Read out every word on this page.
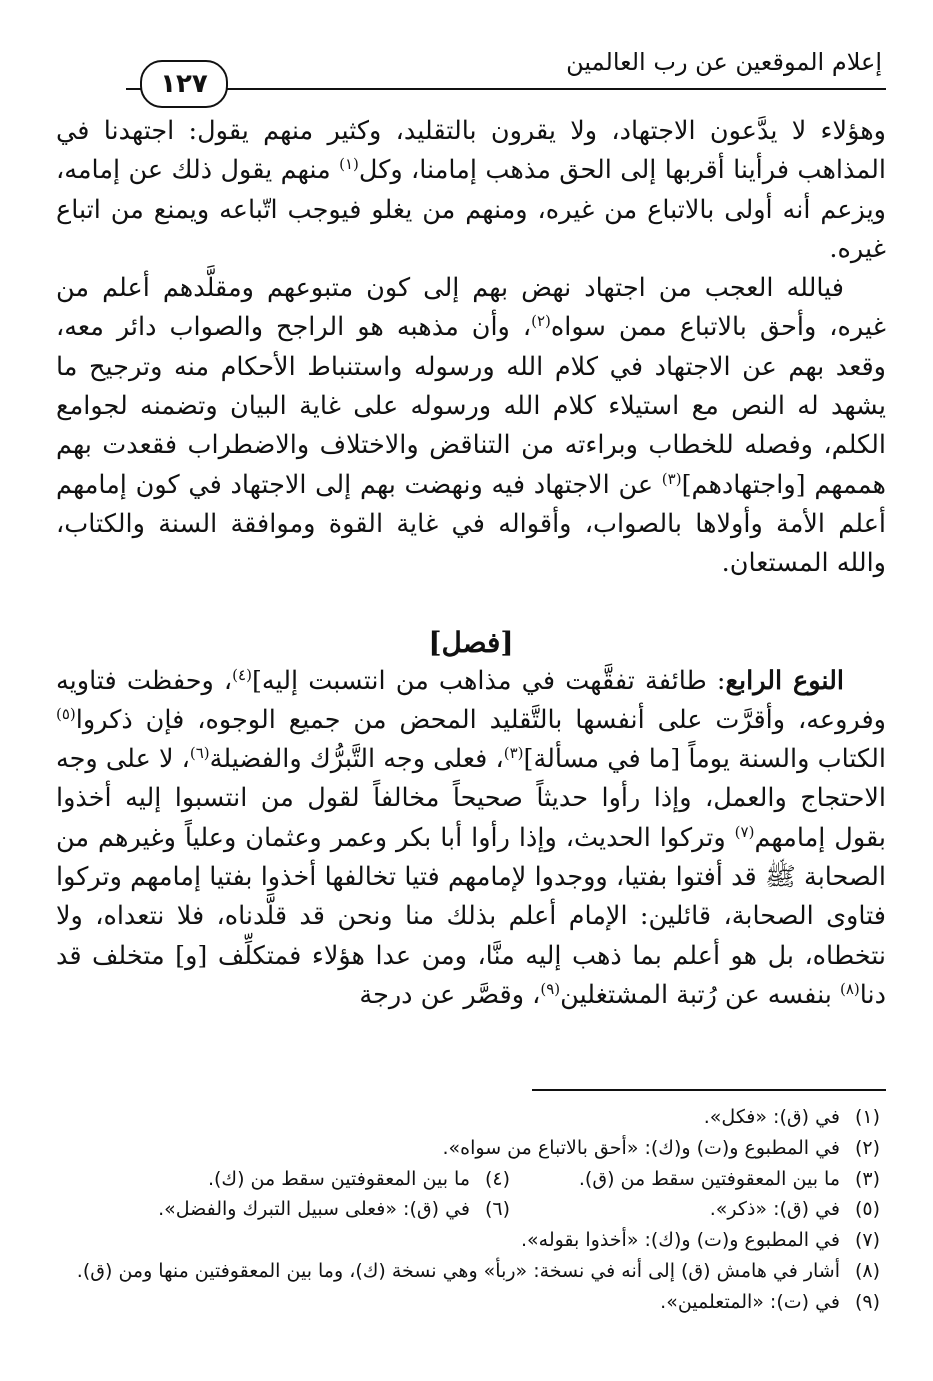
إعلام الموقعين عن رب العالمين
١٢٧

وهؤلاء لا يدَّعون الاجتهاد، ولا يقرون بالتقليد، وكثير منهم يقول: اجتهدنا في المذاهب فرأينا أقربها إلى الحق مذهب إمامنا، وكل$^{(١)}$ منهم يقول ذلك عن إمامه، ويزعم أنه أولى بالاتباع من غيره، ومنهم من يغلو فيوجب اتّباعه ويمنع من اتباع غيره.

فيالله العجب من اجتهاد نهض بهم إلى كون متبوعهم ومقلَّدهم أعلم من غيره، وأحق بالاتباع ممن سواه$^{(٢)}$، وأن مذهبه هو الراجح والصواب دائر معه، وقعد بهم عن الاجتهاد في كلام الله ورسوله واستنباط الأحكام منه وترجيح ما يشهد له النص مع استيلاء كلام الله ورسوله على غاية البيان وتضمنه لجوامع الكلم، وفصله للخطاب وبراءته من التناقض والاختلاف والاضطراب فقعدت بهم هممهم [واجتهادهم]$^{(٣)}$ عن الاجتهاد فيه ونهضت بهم إلى الاجتهاد في كون إمامهم أعلم الأمة وأولاها بالصواب، وأقواله في غاية القوة وموافقة السنة والكتاب، والله المستعان.

[فصل]

النوع الرابع: طائفة تفقَّهت في مذاهب من انتسبت إليه]$^{(٤)}$، وحفظت فتاويه وفروعه، وأقرَّت على أنفسها بالتَّقليد المحض من جميع الوجوه، فإن ذكروا$^{(٥)}$ الكتاب والسنة يوماً [ما في مسألة]$^{(٣)}$، فعلى وجه التَّبرُّك والفضيلة$^{(٦)}$، لا على وجه الاحتجاج والعمل، وإذا رأوا حديثاً صحيحاً مخالفاً لقول من انتسبوا إليه أخذوا بقول إمامهم$^{(٧)}$ وتركوا الحديث، وإذا رأوا أبا بكر وعمر وعثمان وعلياً وغيرهم من الصحابة ﷺ قد أفتوا بفتيا، ووجدوا لإمامهم فتيا تخالفها أخذوا بفتيا إمامهم وتركوا فتاوى الصحابة، قائلين: الإمام أعلم بذلك منا ونحن قد قلَّدناه، فلا نتعداه، ولا نتخطاه، بل هو أعلم بما ذهب إليه منَّا، ومن عدا هؤلاء فمتكلِّف [و] متخلف قد دنا$^{(٨)}$ بنفسه عن رُتبة المشتغلين$^{(٩)}$، وقصَّر عن درجة

(١)
في (ق): «فكل».
(٢)
في المطبوع و(ت) و(ك): «أحق بالاتباع من سواه».
(٣)
ما بين المعقوفتين سقط من (ق).
(٤)
ما بين المعقوفتين سقط من (ك).
(٥)
في (ق): «ذكر».
(٦)
في (ق): «فعلى سبيل التبرك والفضل».
(٧)
في المطبوع و(ت) و(ك): «أخذوا بقوله».
(٨)
أشار في هامش (ق) إلى أنه في نسخة: «ربأ» وهي نسخة (ك)، وما بين المعقوفتين منها ومن (ق).
(٩)
في (ت): «المتعلمين».
